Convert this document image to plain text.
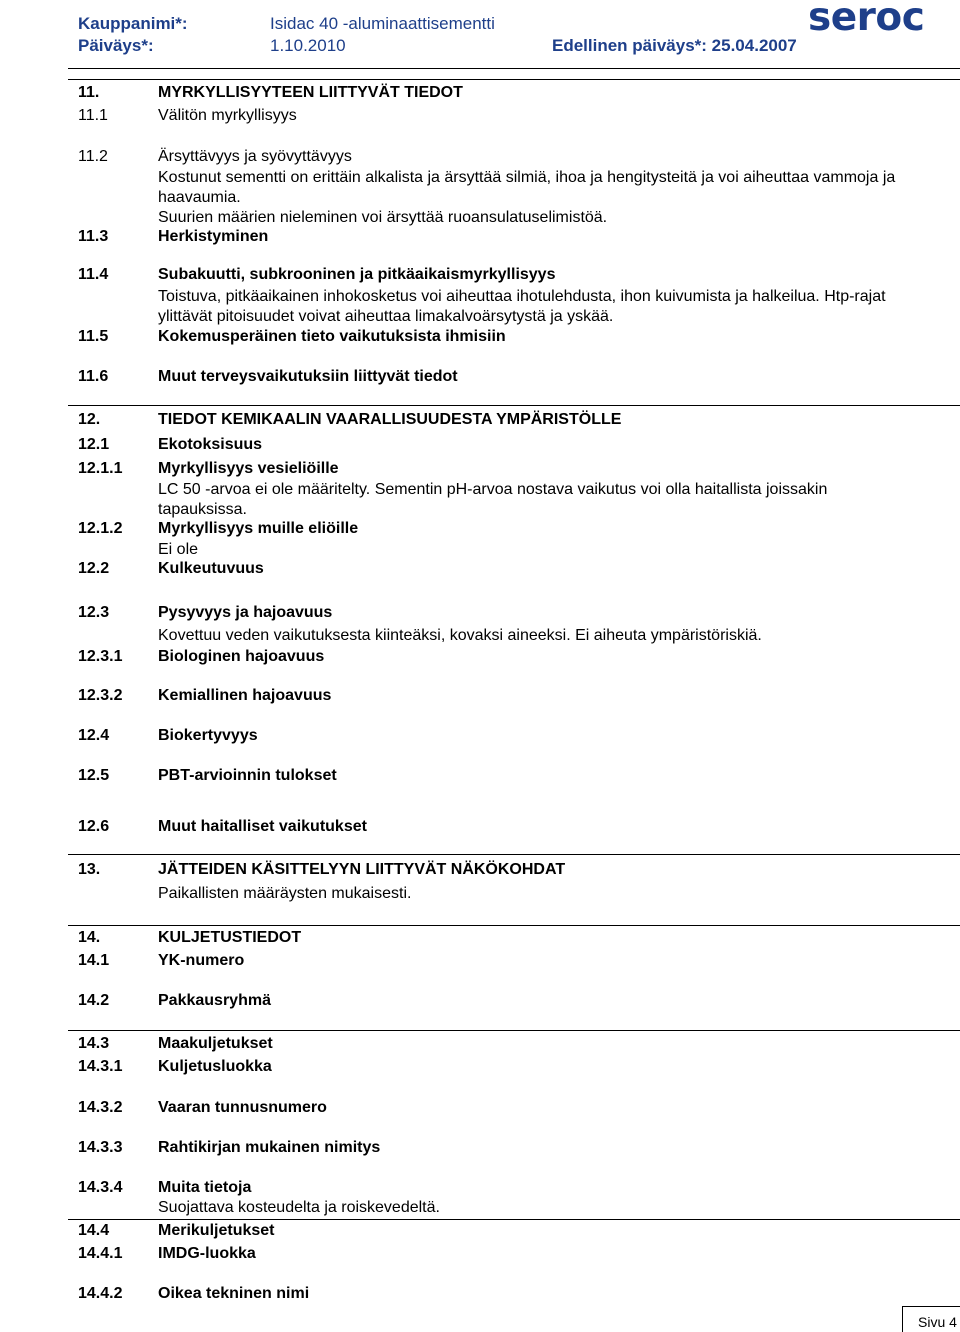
Kauppanimi*:	Isidac 40 -aluminaattisementti
Päiväys*:	1.10.2010	Edellinen päiväys*: 25.04.2007
seroc
11.	MYRKYLLISYYTEEN LIITTYVÄT TIEDOT
11.1	Välitön myrkyllisyys
11.2	Ärsyttävyys ja syövyttävyys
Kostunut sementti on erittäin alkalista ja ärsyttää silmiä, ihoa ja hengitysteitä ja voi aiheuttaa vammoja ja
haavaumia.
Suurien määrien nieleminen voi ärsyttää ruoansulatuselimistöä.
11.3	Herkistyminen
11.4	Subakuutti, subkrooninen ja pitkäaikaismyrkyllisyys
Toistuva, pitkäaikainen inhokosketus voi aiheuttaa ihotulehdusta, ihon kuivumista ja halkeilua. Htp-rajat
ylittävät pitoisuudet voivat aiheuttaa limakalvoärsytystä ja yskää.
11.5	Kokemusperäinen tieto vaikutuksista ihmisiin
11.6	Muut terveysvaikutuksiin liittyvät tiedot
12.	TIEDOT KEMIKAALIN VAARALLISUUDESTA YMPÄRISTÖLLE
12.1	Ekotoksisuus
12.1.1 Myrkyllisyys vesieliöille
LC 50 -arvoa ei ole määritelty. Sementin pH-arvoa nostava vaikutus voi olla haitallista joissakin
tapauksissa.
12.1.2 Myrkyllisyys muille eliöille
Ei ole
12.2	Kulkeutuvuus
12.3	Pysyvyys ja hajoavuus
Kovettuu veden vaikutuksesta kiinteäksi, kovaksi aineeksi. Ei aiheuta ympäristöriskiä.
12.3.1 Biologinen hajoavuus
12.3.2 Kemiallinen hajoavuus
12.4	Biokertyvyys
12.5	PBT-arvioinnin tulokset
12.6	Muut haitalliset vaikutukset
13.	JÄTTEIDEN KÄSITTELYYN LIITTYVÄT NÄKÖKOHDAT
Paikallisten määräysten mukaisesti.
14.	KULJETUSTIEDOT
14.1	YK-numero
14.2	Pakkausryhmä
14.3	Maakuljetukset
14.3.1 Kuljetusluokka
14.3.2 Vaaran tunnusnumero
14.3.3 Rahtikirjan mukainen nimitys
14.3.4 Muita tietoja
Suojattava kosteudelta ja roiskevedeltä.
14.4	Merikuljetukset
14.4.1 IMDG-luokka
14.4.2 Oikea tekninen nimi
Sivu 4
